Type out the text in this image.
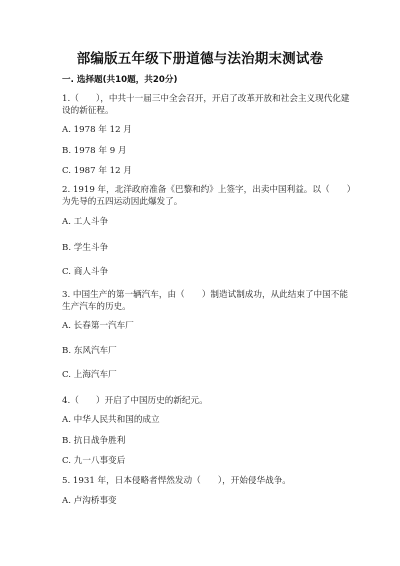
部编版五年级下册道德与法治期末测试卷
一. 选择题(共10题，共20分)
1.（　　），中共十一届三中全会召开，开启了改革开放和社会主义现代化建设的新征程。
A. 1978 年 12 月
B. 1978 年 9 月
C. 1987 年 12 月
2. 1919 年，北洋政府准备《巴黎和约》上签字，出卖中国利益。以（　　）为先导的五四运动因此爆发了。
A. 工人斗争
B. 学生斗争
C. 商人斗争
3. 中国生产的第一辆汽车，由（　　）制造试制成功，从此结束了中国不能生产汽车的历史。
A. 长春第一汽车厂
B. 东风汽车厂
C. 上海汽车厂
4.（　　）开启了中国历史的新纪元。
A. 中华人民共和国的成立
B. 抗日战争胜利
C. 九一八事变后
5. 1931 年，日本侵略者悍然发动（　　），开始侵华战争。
A. 卢沟桥事变
